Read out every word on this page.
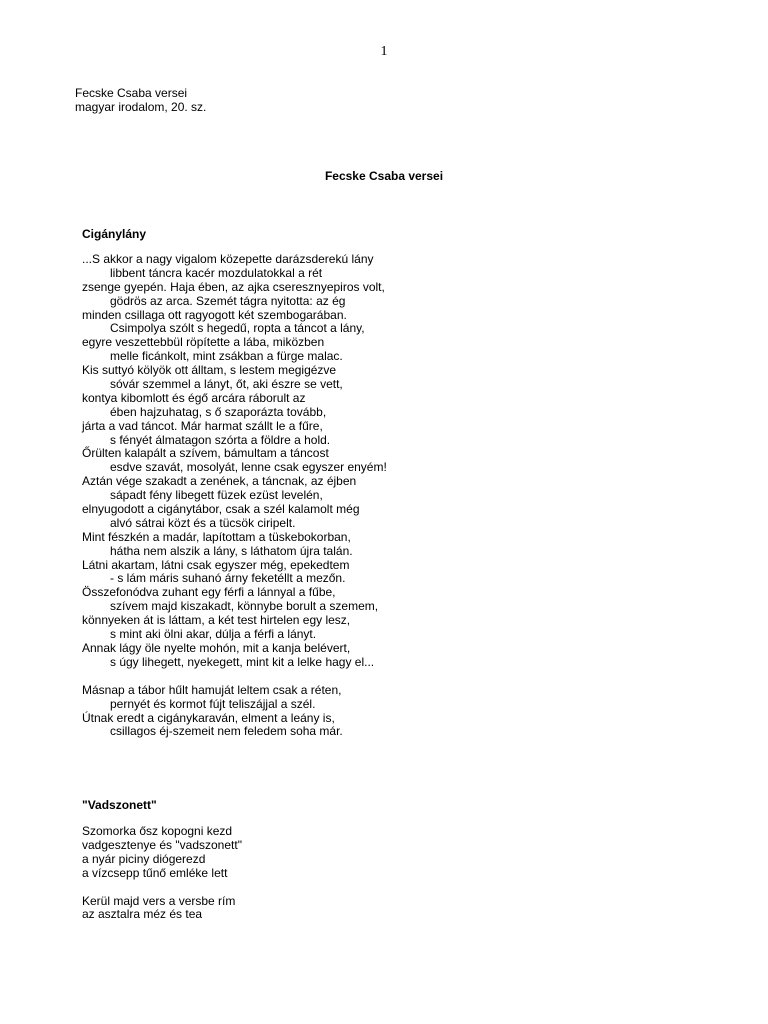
1
Fecske Csaba versei
magyar irodalom, 20. sz.
Fecske Csaba versei
Cigánylány
...S akkor a nagy vigalom közepette darázsderekú lány
libbent táncra kacér mozdulatokkal a rét
zsenge gyepén. Haja ében, az ajka cseresznyepiros volt,
gödrös az arca. Szemét tágra nyitotta: az ég
minden csillaga ott ragyogott két szembogarában.
Csimpolya szólt s hegedű, ropta a táncot a lány,
egyre veszettebbül röpítette a lába, miközben
melle ficánkolt, mint zsákban a fürge malac.
Kis suttyó kölyök ott álltam, s lestem megigézve
sóvár szemmel a lányt, őt, aki észre se vett,
kontya kibomlott és égő arcára ráborult az
ében hajzuhatag, s ő szaporázta tovább,
járta a vad táncot. Már harmat szállt le a fűre,
s fényét álmatagon szórta a földre a hold.
Őrülten kalapált a szívem, bámultam a táncost
esdve szavát, mosolyát, lenne csak egyszer enyém!
Aztán vége szakadt a zenének, a táncnak, az éjben
sápadt fény libegett füzek ezüst levelén,
elnyugodott a cigánytábor, csak a szél kalamolt még
alvó sátrai közt és a tücsök ciripelt.
Mint fészkén a madár, lapítottam a tüskebokorban,
hátha nem alszik a lány, s láthatom újra talán.
Látni akartam, látni csak egyszer még, epekedtem
- s lám máris suhanó árny feketéllt a mezőn.
Összefonódva zuhant egy férfi a lánnyal a fűbe,
szívem majd kiszakadt, könnybe borult a szemem,
könnyeken át is láttam, a két test hirtelen egy lesz,
s mint aki ölni akar, dúlja a férfi a lányt.
Annak lágy öle nyelte mohón, mit a kanja belévert,
s úgy lihegett, nyekegett, mint kit a lelke hagy el...
Másnap a tábor hűlt hamuját leltem csak a réten,
pernyét és kormot fújt teliszájjal a szél.
Útnak eredt a cigánykaraván, elment a leány is,
csillagos éj-szemeit nem feledem soha már.
"Vadszonett"
Szomorka ősz kopogni kezd
vadgesztenye és "vadszonett"
a nyár piciny diógerezd
a vízcsepp tűnő emléke lett
Kerül majd vers a versbe rím
az asztalra méz és tea
